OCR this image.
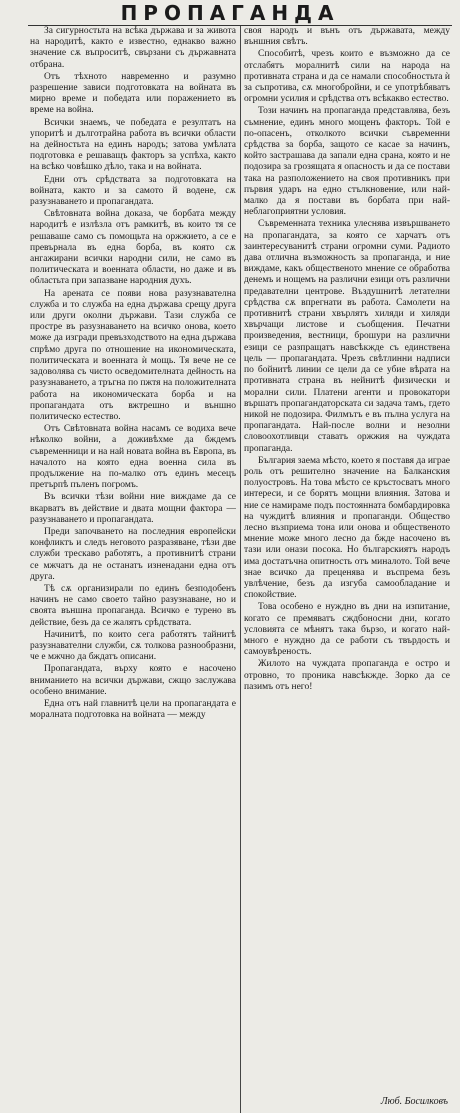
ПРОПАГАНДА

За сигурностьта на всѣка държава и за живота на народитѣ, както е известно, еднакво важно значение сѫ въпроситѣ, свързани съ държавната отбрана.

Отъ тѣхното навременно и разумно разрешение зависи подготовката на войната въ мирно време и победата или поражението въ време на война.

Всички знаемъ, че победата е резултатъ на упоритѣ и дълготрайна работа въ всички области на дейностьта на единъ народъ; затова умѣлата подготовка е решаващъ факторъ за успѣха, както на всѣко човѣшко дѣло, така и на войната.

Едни отъ срѣдствата за подготовката на войната, както и за самото й водене, сѫ разузнаването и пропагандата.

Свѣтовната война доказа, че борбата между народитѣ е излѣзла отъ рамкитѣ, въ които тя се решаваше само съ помощьта на оржжието, а се е превърнала въ една борба, въ която сѫ ангажирани всички народни сили, не само въ политическата и военната области, но даже и въ областьта при запазване народния духъ.

На арената се появи нова разузнавателна служба и то служба на една държава срещу друга или други околни държави. Тази служба се простре въ разузнаването на всичко онова, което може да изгради превъзходството на една държава спрѣмо друга по отношение на икономическата, политическата и военната ѝ мощь. Тя вече не се задоволява съ чисто осведомителната дейность на разузнаването, а тръгна по пжтя на положителната работа на икономическата борба и на пропагандата отъ вжтрешно и външно политическо естество.

Отъ Свѣтовната война насамъ се водиха вече нѣколко войни, а доживѣхме да бждемъ съвременници и на най новата война въ Европа, въ началото на която една военна сила въ продължение на по-малко отъ единъ месецъ претърпѣ пъленъ погромъ.

Въ всички тѣзи войни ние виждаме да се вкарватъ въ действие и двата мощни фактора — разузнаването и пропагандата.

Преди започването на последния европейски конфликтъ и следъ неговото разразяване, тѣзи две служби трескаво работятъ, а противнитѣ страни се мжчатъ да не останатъ изненадани една отъ друга.

Тѣ сѫ организирали по единъ безподобенъ начинъ не само своето тайно разузнаване, но и своята външна пропаганда. Всичко е турено въ действие, безъ да се жалятъ срѣдствата.

Начинитѣ, по които сега работятъ тайнитѣ разузнавателни служби, сѫ толкова разнообразни, че е мжчно да бждатъ описани.

Пропагандата, върху която е насочено вниманието на всички държави, сжщо заслужава особено внимание.

Една отъ най главнитѣ цели на пропагандата е моралната подготовка на войната — между

своя народъ и вънъ отъ държавата, между външния свѣтъ.

Способитѣ, чрезъ които е възможно да се отслабятъ моралнитѣ сили на народа на противната страна и да се намали способностьта ѝ за съпротива, сѫ многобройни, и се употрѣбяватъ огромни усилия и срѣдства отъ всѣкакво естество.

Този начинъ на пропаганда представлява, безъ съмнение, единъ много мощенъ факторъ. Той е по-опасенъ, отколкото всички съвременни срѣдства за борба, защото се касае за начинъ, който застрашава да запали една срана, която и не подозира за грозящата я опасность и да се постави така на разположението на своя противникъ при първия ударъ на едно стълкновение, или най-малко да я постави въ борбата при най-неблагоприятни условия.

Съвременната техника улеснява извършването на пропагандата, за която се харчатъ отъ заинтересуванитѣ страни огромни суми. Радиото дава отлична възможность за пропаганда, и ние виждаме, какъ общественото мнение се обработва денемъ и нощемъ на различни езици отъ различни предавателни центрове. Въздушнитѣ летателни срѣдства сѫ впрегнати въ работа. Самолети на противнитѣ страни хвърлятъ хиляди и хиляди хвърчащи листове и съобщения. Печатни произведения, вестници, брошури на различни езици се разпращатъ навсѣкжде съ единствена цель — пропагандата. Чрезъ свѣтлинни надписи по бойнитѣ линии се цели да се убие вѣрата на противната страна въ нейнитѣ физически и морални сили. Платени агенти и провокатори вършатъ пропагандаторската си задача тамъ, гдето никой не подозира. Филмътъ е въ пълна услуга на пропагандата. Най-после волни и незолни словоохотливци ставатъ оржжия на чуждата пропаганда.

България заема мѣсто, което я поставя да играе роль отъ решително значение на Балканския полуостровъ. На това мѣсто се кръстосватъ много интереси, и се борятъ мощни влияния. Затова и ние се намираме подъ постоянната бомбардировка на чуждитѣ влияния и пропаганди. Общество лесно възприема тона или онова и общественото мнение може много лесно да бжде насочено въ тази или онази посока. Но българскиятъ народъ има достатъчна опитность отъ миналото. Той вече знае всичко да преценява и въспрема безъ увлѣчение, безъ да изгуба самообладание и спокойствие.

Това особено е нуждно въ дни на изпитание, когато се премяватъ сждбоносни дни, когато условията се мѣнятъ така бързо, и когато най-много е нуждно да се работи съ твърдость и самоувѣреность.

Жилото на чуждата пропаганда е остро и отровно, то проника навсѣкжде. Зорко да се пазимъ отъ него!

Люб. Босилковъ
